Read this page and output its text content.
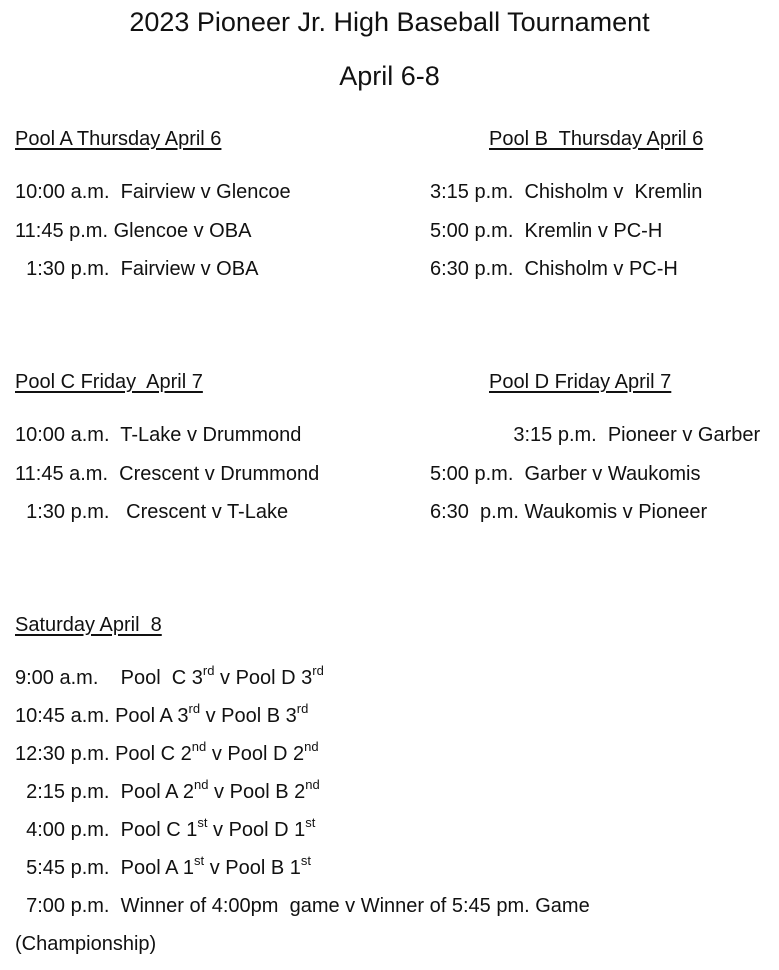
2023 Pioneer Jr. High Baseball Tournament
April 6-8
Pool A Thursday April 6

10:00 a.m.  Fairview v Glencoe

11:45 p.m. Glencoe v OBA

1:30 p.m.  Fairview v OBA

Pool B  Thursday April 6

3:15 p.m.  Chisholm v  Kremlin

5:00 p.m.  Kremlin v PC-H

6:30 p.m.  Chisholm v PC-H

Pool C Friday  April 7

10:00 a.m.  T-Lake v Drummond

11:45 a.m.  Crescent v Drummond

1:30 p.m.   Crescent v T-Lake

Pool D Friday April 7

3:15 p.m.  Pioneer v Garber

5:00 p.m.  Garber v Waukomis

6:30  p.m. Waukomis v Pioneer

Saturday April  8

9:00 a.m. Pool  C 3rd v Pool D 3rd

10:45 a.m. Pool A 3rd v Pool B 3rd

12:30 p.m. Pool C 2nd v Pool D 2nd

2:15 p.m. Pool A 2nd v Pool B 2nd

4:00 p.m. Pool C 1st v Pool D 1st

5:45 p.m. Pool A 1st v Pool B 1st

7:00 p.m.  Winner of 4:00pm  game v Winner of 5:45 pm. Game

(Championship)
